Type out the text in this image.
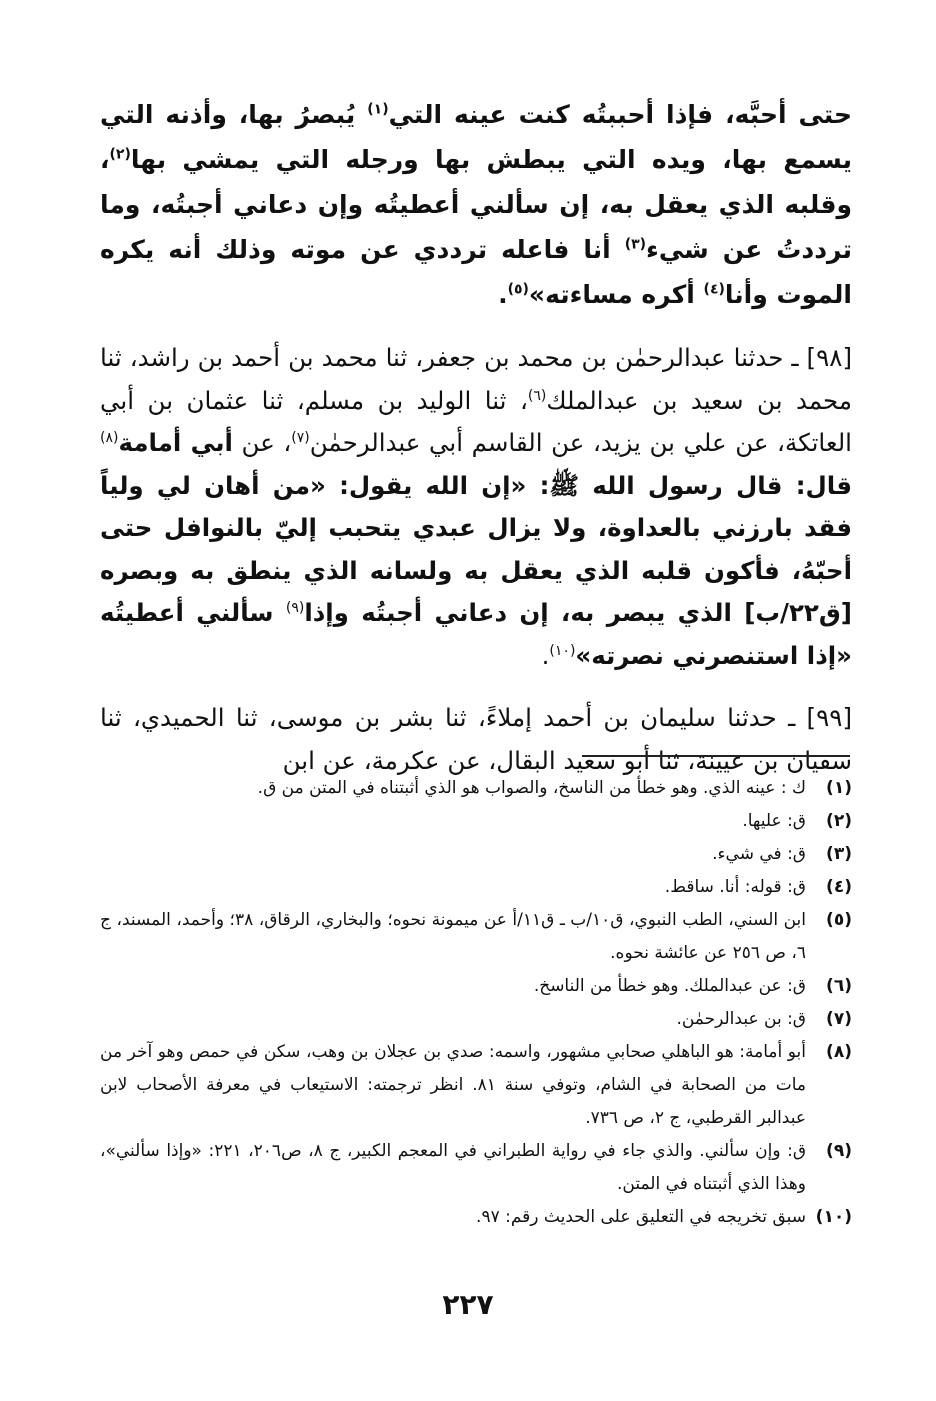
حتى أحبَّه، فإذا أحببتُه كنت عينه التي$^{(١)}$ يُبصرُ بها، وأذنه التي يسمع بها، ويده التي يبطش بها ورجله التي يمشي بها$^{(٢)}$، وقلبه الذي يعقل به، إن سألني أعطيتُه وإن دعاني أجبتُه، وما ترددتُ عن شيء$^{(٣)}$ أنا فاعله ترددي عن موته وذلك أنه يكره الموت وأنا$^{(٤)}$ أكره مساءته»$^{(٥)}$.

[٩٨] ـ حدثنا عبدالرحمٰن بن محمد بن جعفر، ثنا محمد بن أحمد بن راشد، ثنا محمد بن سعيد بن عبدالملك$^{(٦)}$، ثنا الوليد بن مسلم، ثنا عثمان بن أبي العاتكة، عن علي بن يزيد، عن القاسم أبي عبدالرحمٰن$^{(٧)}$، عن أبي أمامة$^{(٨)}$ قال: قال رسول الله ﷺ: «إن الله يقول: «من أهان لي ولياً فقد بارزني بالعداوة، ولا يزال عبدي يتحبب إليّ بالنوافل حتى أحبّهُ، فأكون قلبه الذي يعقل به ولسانه الذي ينطق به وبصره [ق٢٢/ب] الذي يبصر به، إن دعاني أجبتُه وإذا$^{(٩)}$ سألني أعطيتُه «إذا استنصرني نصرته»$^{(١٠)}$.

[٩٩] ـ حدثنا سليمان بن أحمد إملاءً، ثنا بشر بن موسى، ثنا الحميدي، ثنا سفيان بن عيينة، ثنا أبو سعيد البقال، عن عكرمة، عن ابن

(١)
ك : عينه الذي. وهو خطأ من الناسخ، والصواب هو الذي أثبتناه في المتن من ق.
(٢)
ق: عليها.
(٣)
ق: في شيء.
(٤)
ق: قوله: أنا. ساقط.
(٥)
ابن السني، الطب النبوي، ق١٠/ب ـ ق١١/أ عن ميمونة نحوه؛ والبخاري، الرقاق، ٣٨؛ وأحمد، المسند، ج ٦، ص ٢٥٦ عن عائشة نحوه.
(٦)
ق: عن عبدالملك. وهو خطأ من الناسخ.
(٧)
ق: بن عبدالرحمٰن.
(٨)
أبو أمامة: هو الباهلي صحابي مشهور، واسمه: صدي بن عجلان بن وهب، سكن في حمص وهو آخر من مات من الصحابة في الشام، وتوفي سنة ٨١. انظر ترجمته: الاستيعاب في معرفة الأصحاب لابن عبدالبر القرطبي، ج ٢، ص ٧٣٦.
(٩)
ق: وإن سألني. والذي جاء في رواية الطبراني في المعجم الكبير، ج ٨، ص٢٠٦، ٢٢١: «وإذا سألني»، وهذا الذي أثبتناه في المتن.
(١٠)
سبق تخريجه في التعليق على الحديث رقم: ٩٧.
٢٢٧
